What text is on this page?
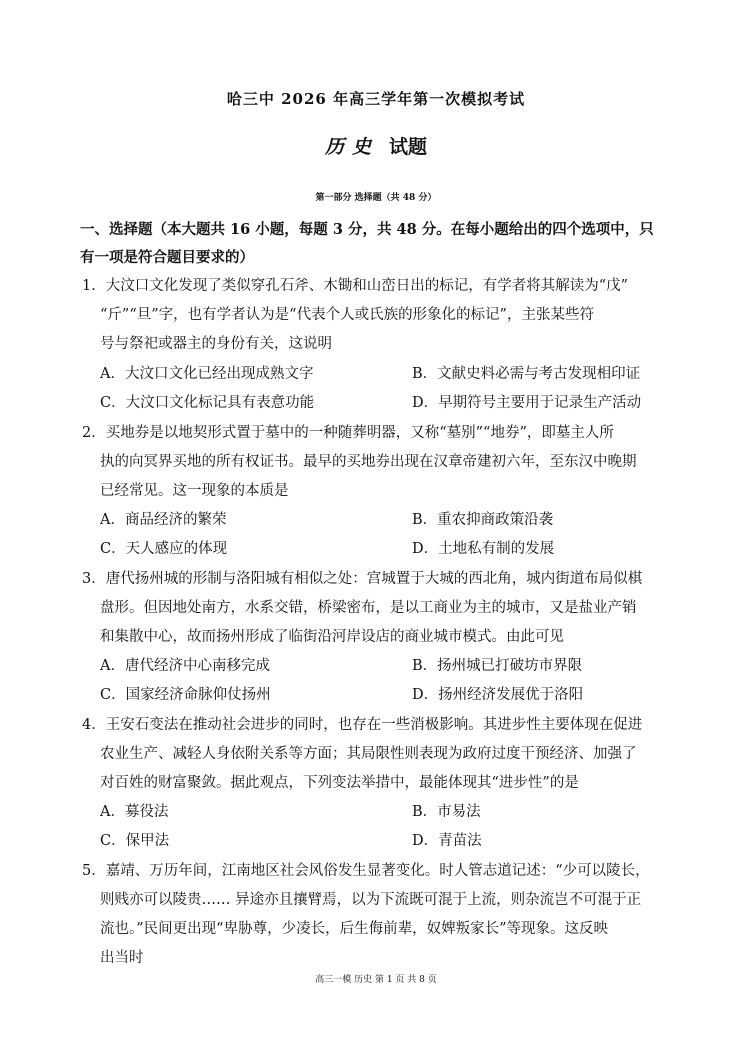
哈三中 2026 年高三学年第一次模拟考试
历史 试题
第一部分 选择题（共 48 分）
一、选择题（本大题共 16 小题，每题 3 分，共 48 分。在每小题给出的四个选项中，只
有一项是符合题目要求的）
1．大汶口文化发现了类似穿孔石斧、木锄和山峦日出的标记，有学者将其解读为“戊”
“斤”“旦”字，也有学者认为是“代表个人或氏族的形象化的标记”，主张某些符
号与祭祀或器主的身份有关，这说明
A．大汶口文化已经出现成熟文字	B．文献史料必需与考古发现相印证
C．大汶口文化标记具有表意功能	D．早期符号主要用于记录生产活动
2．买地券是以地契形式置于墓中的一种随葬明器，又称“墓别”“地券”，即墓主人所
执的向冥界买地的所有权证书。最早的买地券出现在汉章帝建初六年，至东汉中晚期
已经常见。这一现象的本质是
A．商品经济的繁荣	B．重农抑商政策沿袭
C．天人感应的体现	D．土地私有制的发展
3．唐代扬州城的形制与洛阳城有相似之处：宫城置于大城的西北角，城内街道布局似棋
盘形。但因地处南方，水系交错，桥梁密布，是以工商业为主的城市，又是盐业产销
和集散中心，故而扬州形成了临街沿河岸设店的商业城市模式。由此可见
A．唐代经济中心南移完成	B．扬州城已打破坊市界限
C．国家经济命脉仰仗扬州	D．扬州经济发展优于洛阳
4．王安石变法在推动社会进步的同时，也存在一些消极影响。其进步性主要体现在促进
农业生产、减轻人身依附关系等方面；其局限性则表现为政府过度干预经济、加强了
对百姓的财富聚敛。据此观点，下列变法举措中，最能体现其“进步性”的是
A．募役法	B．市易法
C．保甲法	D．青苗法
5．嘉靖、万历年间，江南地区社会风俗发生显著变化。时人管志道记述：“少可以陵长，
则贱亦可以陵贵…… 异途亦且攘臂焉，以为下流既可混于上流，则杂流岂不可混于正
流也。”民间更出现“卑胁尊，少凌长，后生侮前辈，奴婢叛家长”等现象。这反映
出当时
高三一模 历史 第 1 页 共 8 页
